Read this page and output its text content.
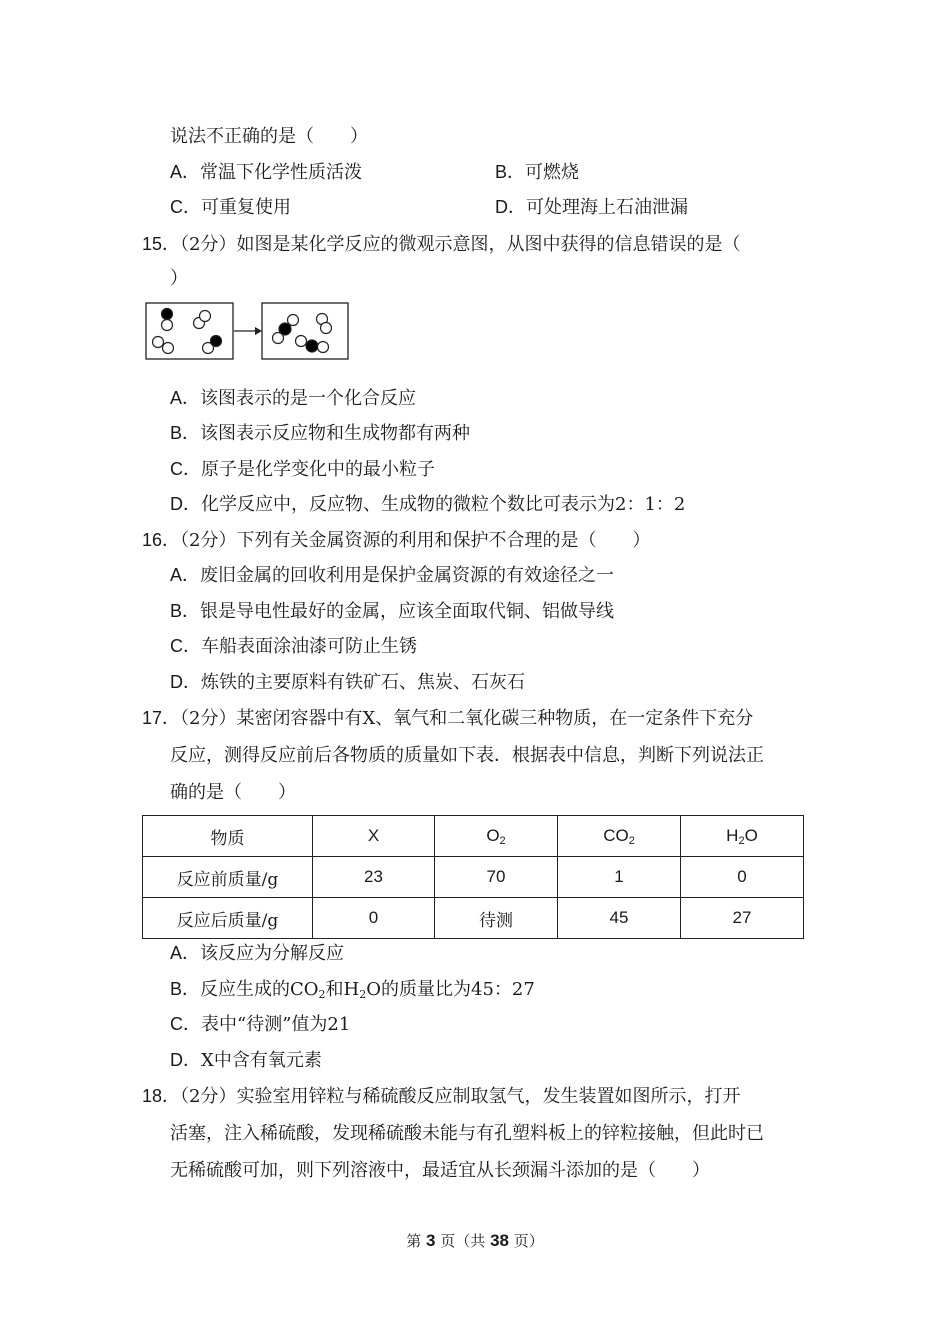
说法不正确的是（　　）
A．常温下化学性质活泼	B．可燃烧
C．可重复使用	D．可处理海上石油泄漏
15．（2分）如图是某化学反应的微观示意图，从图中获得的信息错误的是（
）
A．该图表示的是一个化合反应
B．该图表示反应物和生成物都有两种
C．原子是化学变化中的最小粒子
D．化学反应中，反应物、生成物的微粒个数比可表示为2：1：2
16．（2分）下列有关金属资源的利用和保护不合理的是（　　）
A．废旧金属的回收利用是保护金属资源的有效途径之一
B．银是导电性最好的金属，应该全面取代铜、铝做导线
C．车船表面涂油漆可防止生锈
D．炼铁的主要原料有铁矿石、焦炭、石灰石
17．（2分）某密闭容器中有X、氧气和二氧化碳三种物质，在一定条件下充分
反应，测得反应前后各物质的质量如下表．根据表中信息，判断下列说法正
确的是（　　）
物质	X	$O_2$	$CO_2$	$H_2O$
反应前质量/g	23	70	1	0
反应后质量/g	0	待测	45	27
A．该反应为分解反应
B．反应生成的$CO_2$和$H_2O$的质量比为45：27
C．表中“待测”值为21
D．X中含有氧元素
18．（2分）实验室用锌粒与稀硫酸反应制取氢气，发生装置如图所示，打开
活塞，注入稀硫酸，发现稀硫酸未能与有孔塑料板上的锌粒接触，但此时已
无稀硫酸可加，则下列溶液中，最适宜从长颈漏斗添加的是（　　）
第 3 页（共 38 页）
